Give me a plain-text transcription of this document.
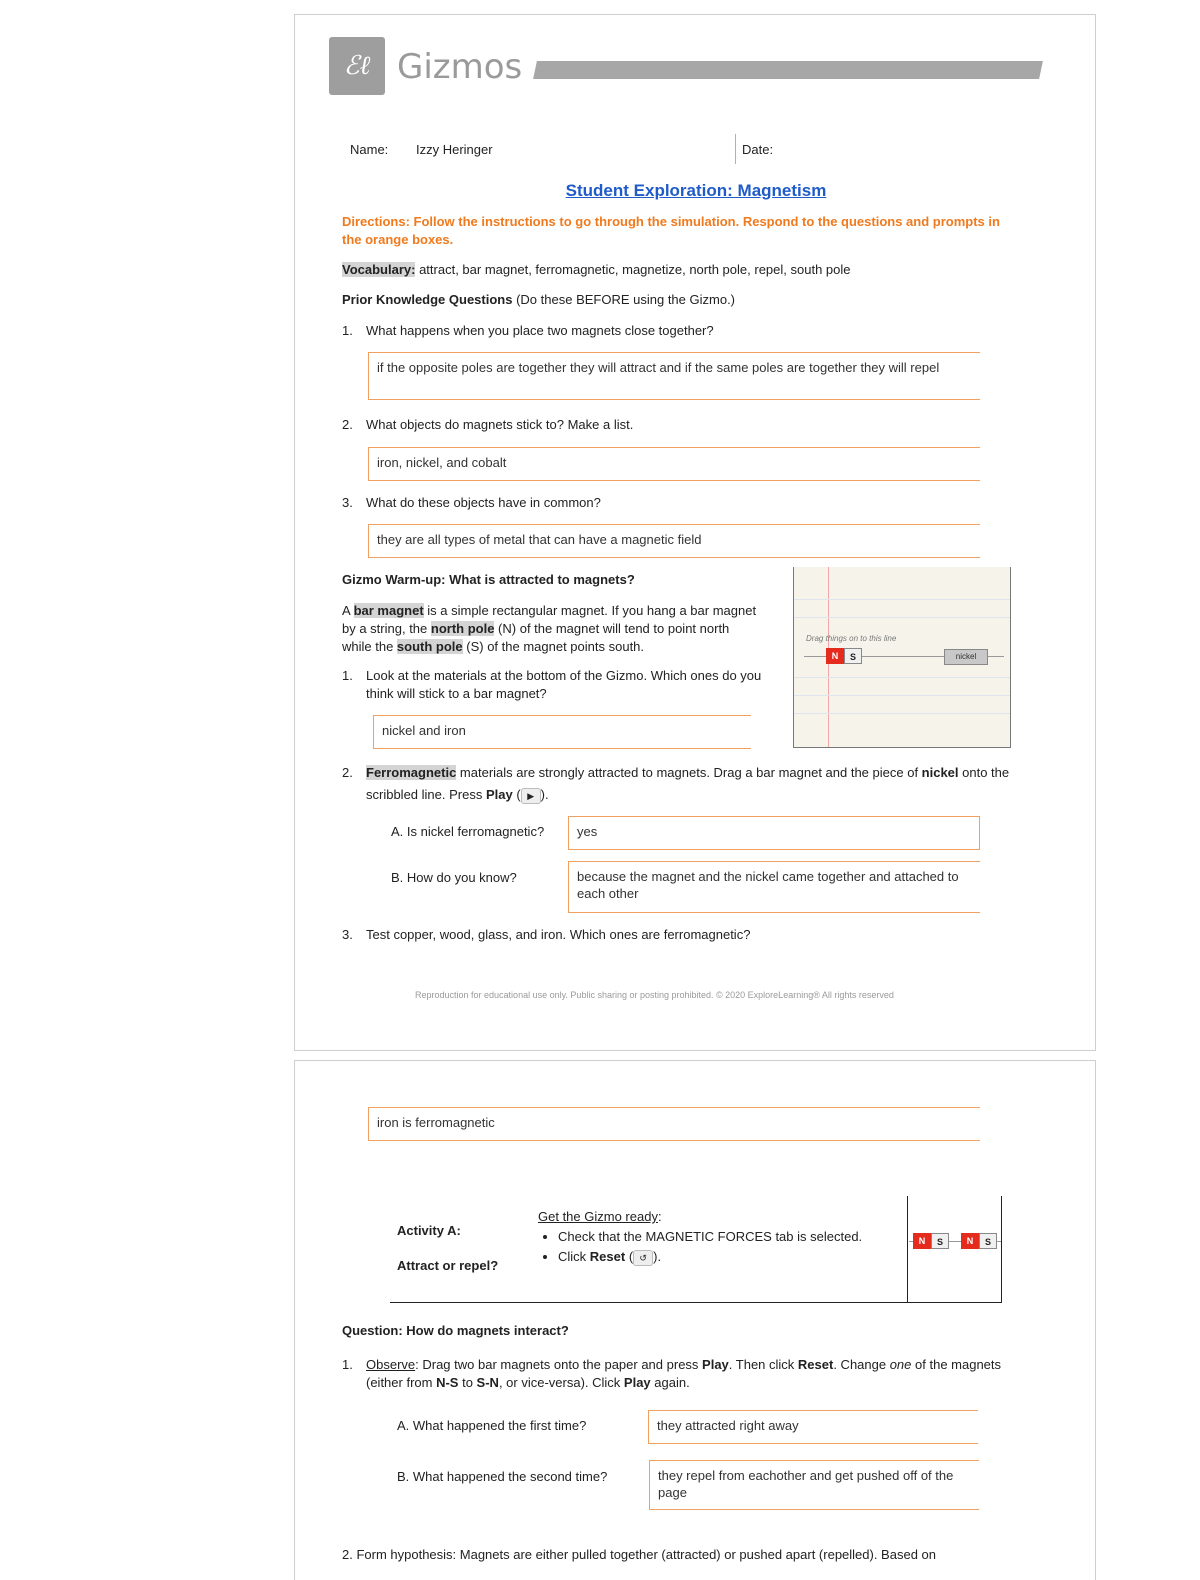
ℰℓ Gizmos
Name: Izzy Heringer	Date:
Student Exploration: Magnetism
Directions: Follow the instructions to go through the simulation. Respond to the questions and prompts in the orange boxes.
Vocabulary: attract, bar magnet, ferromagnetic, magnetize, north pole, repel, south pole
Prior Knowledge Questions (Do these BEFORE using the Gizmo.)
1. What happens when you place two magnets close together?
if the opposite poles are together they will attract and if the same poles are together they will repel
2. What objects do magnets stick to? Make a list.
iron, nickel, and cobalt
3. What do these objects have in common?
they are all types of metal that can have a magnetic field
Gizmo Warm-up: What is attracted to magnets?
A bar magnet is a simple rectangular magnet. If you hang a bar magnet by a string, the north pole (N) of the magnet will tend to point north while the south pole (S) of the magnet points south.
Drag things on to this line
N	S	nickel
1.	Look at the materials at the bottom of the Gizmo. Which ones do you think will stick to a bar magnet?
nickel and iron
2.	Ferromagnetic materials are strongly attracted to magnets. Drag a bar magnet and the piece of nickel onto the scribbled line. Press Play ( ▶ ).
A. Is nickel ferromagnetic?	yes
B. How do you know?	because the magnet and the nickel came together and attached to each other
3. Test copper, wood, glass, and iron. Which ones are ferromagnetic?
Reproduction for educational use only. Public sharing or posting prohibited. © 2020 ExploreLearning® All rights reserved
iron is ferromagnetic
Activity A:
Attract or repel?
Get the Gizmo ready:
• Check that the MAGNETIC FORCES tab is selected.
• Click Reset ( ↺ ).
N	S	N	S
Question: How do magnets interact?
1.	Observe: Drag two bar magnets onto the paper and press Play. Then click Reset. Change one of the magnets (either from N-S to S-N, or vice-versa). Click Play again.
A. What happened the first time?	they attracted right away
B. What happened the second time?	they repel from eachother and get pushed off of the page
2. Form hypothesis: Magnets are either pulled together (attracted) or pushed apart (repelled). Based on
